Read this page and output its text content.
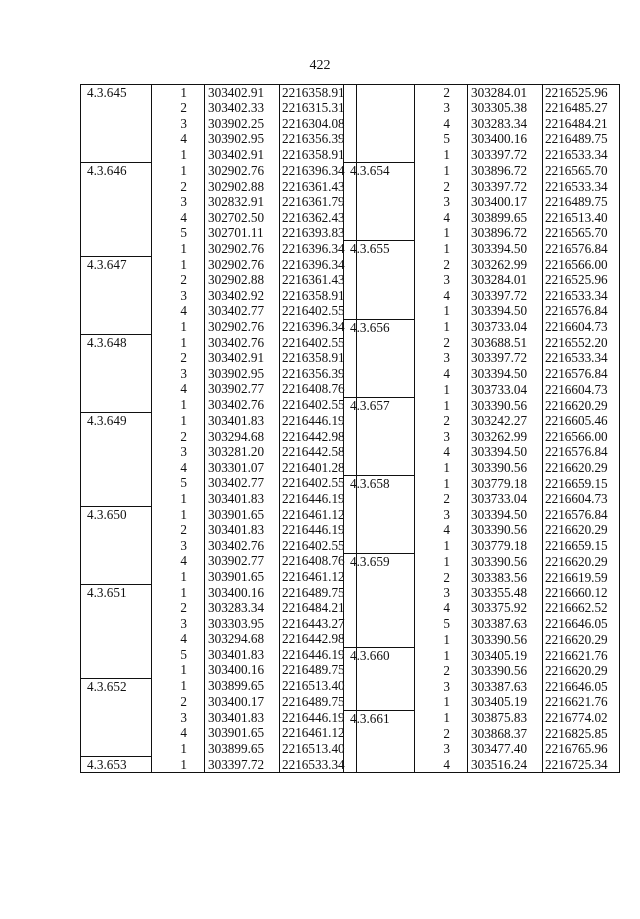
422
4.3.645	1	303402.91	2216358.91
	2	303402.33	2216315.31
	3	303902.25	2216304.08
	4	303902.95	2216356.39
	1	303402.91	2216358.91
4.3.646	1	302902.76	2216396.34
	2	302902.88	2216361.43
	3	302832.91	2216361.79
	4	302702.50	2216362.43
	5	302701.11	2216393.83
	1	302902.76	2216396.34
4.3.647	1	302902.76	2216396.34
	2	302902.88	2216361.43
	3	303402.92	2216358.91
	4	303402.77	2216402.55
	1	302902.76	2216396.34
4.3.648	1	303402.76	2216402.55
	2	303402.91	2216358.91
	3	303902.95	2216356.39
	4	303902.77	2216408.76
	1	303402.76	2216402.55
4.3.649	1	303401.83	2216446.19
	2	303294.68	2216442.98
	3	303281.20	2216442.58
	4	303301.07	2216401.28
	5	303402.77	2216402.55
	1	303401.83	2216446.19
4.3.650	1	303901.65	2216461.12
	2	303401.83	2216446.19
	3	303402.76	2216402.55
	4	303902.77	2216408.76
	1	303901.65	2216461.12
4.3.651	1	303400.16	2216489.75
	2	303283.34	2216484.21
	3	303303.95	2216443.27
	4	303294.68	2216442.98
	5	303401.83	2216446.19
	1	303400.16	2216489.75
4.3.652	1	303899.65	2216513.40
	2	303400.17	2216489.75
	3	303401.83	2216446.19
	4	303901.65	2216461.12
	1	303899.65	2216513.40
4.3.653	1	303397.72	2216533.34
	2	303284.01	2216525.96
	3	303305.38	2216485.27
	4	303283.34	2216484.21
	5	303400.16	2216489.75
	1	303397.72	2216533.34
4.3.654	1	303896.72	2216565.70
	2	303397.72	2216533.34
	3	303400.17	2216489.75
	4	303899.65	2216513.40
	1	303896.72	2216565.70
4.3.655	1	303394.50	2216576.84
	2	303262.99	2216566.00
	3	303284.01	2216525.96
	4	303397.72	2216533.34
	1	303394.50	2216576.84
4.3.656	1	303733.04	2216604.73
	2	303688.51	2216552.20
	3	303397.72	2216533.34
	4	303394.50	2216576.84
	1	303733.04	2216604.73
4.3.657	1	303390.56	2216620.29
	2	303242.27	2216605.46
	3	303262.99	2216566.00
	4	303394.50	2216576.84
	1	303390.56	2216620.29
4.3.658	1	303779.18	2216659.15
	2	303733.04	2216604.73
	3	303394.50	2216576.84
	4	303390.56	2216620.29
	1	303779.18	2216659.15
4.3.659	1	303390.56	2216620.29
	2	303383.56	2216619.59
	3	303355.48	2216660.12
	4	303375.92	2216662.52
	5	303387.63	2216646.05
	1	303390.56	2216620.29
4.3.660	1	303405.19	2216621.76
	2	303390.56	2216620.29
	3	303387.63	2216646.05
	1	303405.19	2216621.76
4.3.661	1	303875.83	2216774.02
	2	303868.37	2216825.85
	3	303477.40	2216765.96
	4	303516.24	2216725.34
